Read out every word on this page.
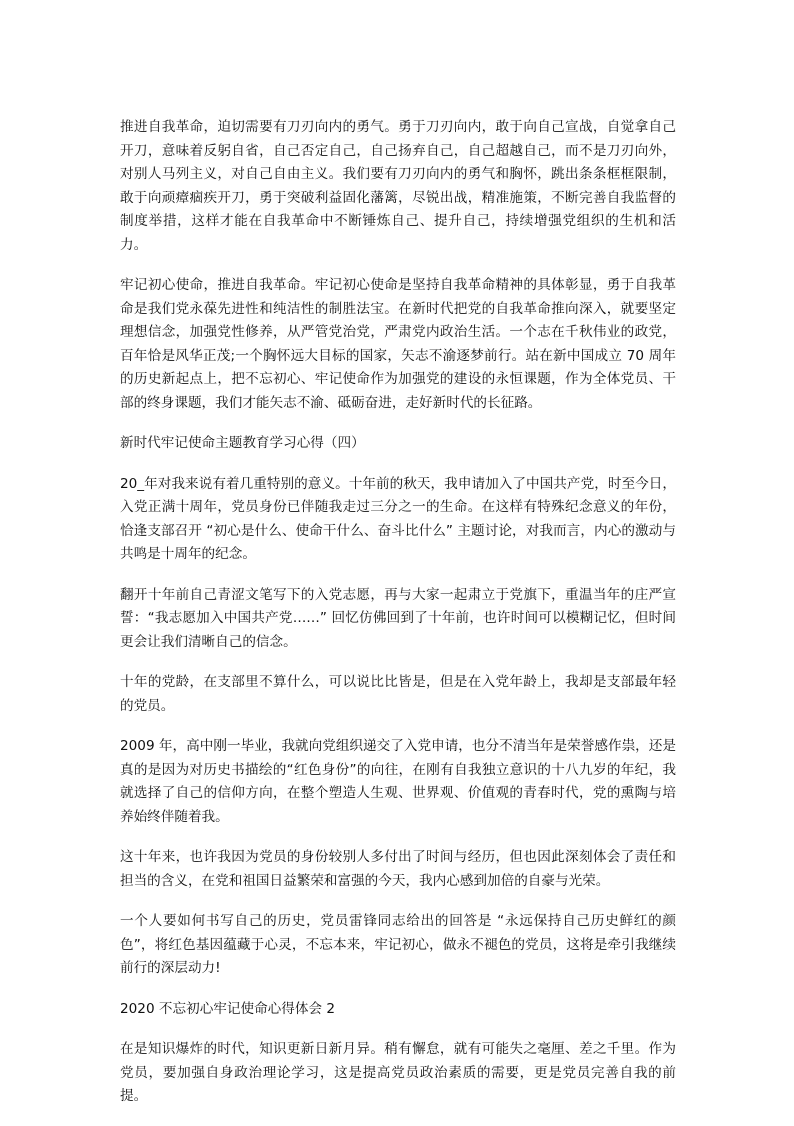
推进自我革命，迫切需要有刀刃向内的勇气。勇于刀刃向内，敢于向自己宣战，自觉拿自己开刀，意味着反躬自省，自己否定自己，自己扬弃自己，自己超越自己，而不是刀刃向外，对别人马列主义，对自己自由主义。我们要有刀刃向内的勇气和胸怀，跳出条条框框限制，敢于向顽瘴痼疾开刀，勇于突破利益固化藩篱，尽锐出战，精准施策，不断完善自我监督的制度举措，这样才能在自我革命中不断锤炼自己、提升自己，持续增强党组织的生机和活力。

牢记初心使命，推进自我革命。牢记初心使命是坚持自我革命精神的具体彰显，勇于自我革命是我们党永葆先进性和纯洁性的制胜法宝。在新时代把党的自我革命推向深入，就要坚定理想信念，加强党性修养，从严管党治党，严肃党内政治生活。一个志在千秋伟业的政党，百年恰是风华正茂;一个胸怀远大目标的国家，矢志不渝逐梦前行。站在新中国成立 70 周年的历史新起点上，把不忘初心、牢记使命作为加强党的建设的永恒课题，作为全体党员、干部的终身课题，我们才能矢志不渝、砥砺奋进，走好新时代的长征路。

新时代牢记使命主题教育学习心得（四）

20_年对我来说有着几重特别的意义。十年前的秋天，我申请加入了中国共产党，时至今日，入党正满十周年，党员身份已伴随我走过三分之一的生命。在这样有特殊纪念意义的年份，恰逢支部召开 “初心是什么、使命干什么、奋斗比什么” 主题讨论，对我而言，内心的激动与共鸣是十周年的纪念。

翻开十年前自己青涩文笔写下的入党志愿，再与大家一起肃立于党旗下，重温当年的庄严宣誓：“我志愿加入中国共产党……” 回忆仿佛回到了十年前，也许时间可以模糊记忆，但时间更会让我们清晰自己的信念。

十年的党龄，在支部里不算什么，可以说比比皆是，但是在入党年龄上，我却是支部最年轻的党员。

2009 年，高中刚一毕业，我就向党组织递交了入党申请，也分不清当年是荣誉感作祟，还是真的是因为对历史书描绘的“红色身份”的向往，在刚有自我独立意识的十八九岁的年纪，我就选择了自己的信仰方向，在整个塑造人生观、世界观、价值观的青春时代，党的熏陶与培养始终伴随着我。

这十年来，也许我因为党员的身份较别人多付出了时间与经历，但也因此深刻体会了责任和担当的含义，在党和祖国日益繁荣和富强的今天，我内心感到加倍的自豪与光荣。

一个人要如何书写自己的历史，党员雷锋同志给出的回答是 “永远保持自己历史鲜红的颜色”，将红色基因蕴藏于心灵，不忘本来，牢记初心，做永不褪色的党员，这将是牵引我继续前行的深层动力!

2020 不忘初心牢记使命心得体会 2

在是知识爆炸的时代，知识更新日新月异。稍有懈怠，就有可能失之毫厘、差之千里。作为党员，要加强自身政治理论学习，这是提高党员政治素质的需要，更是党员完善自我的前提。
